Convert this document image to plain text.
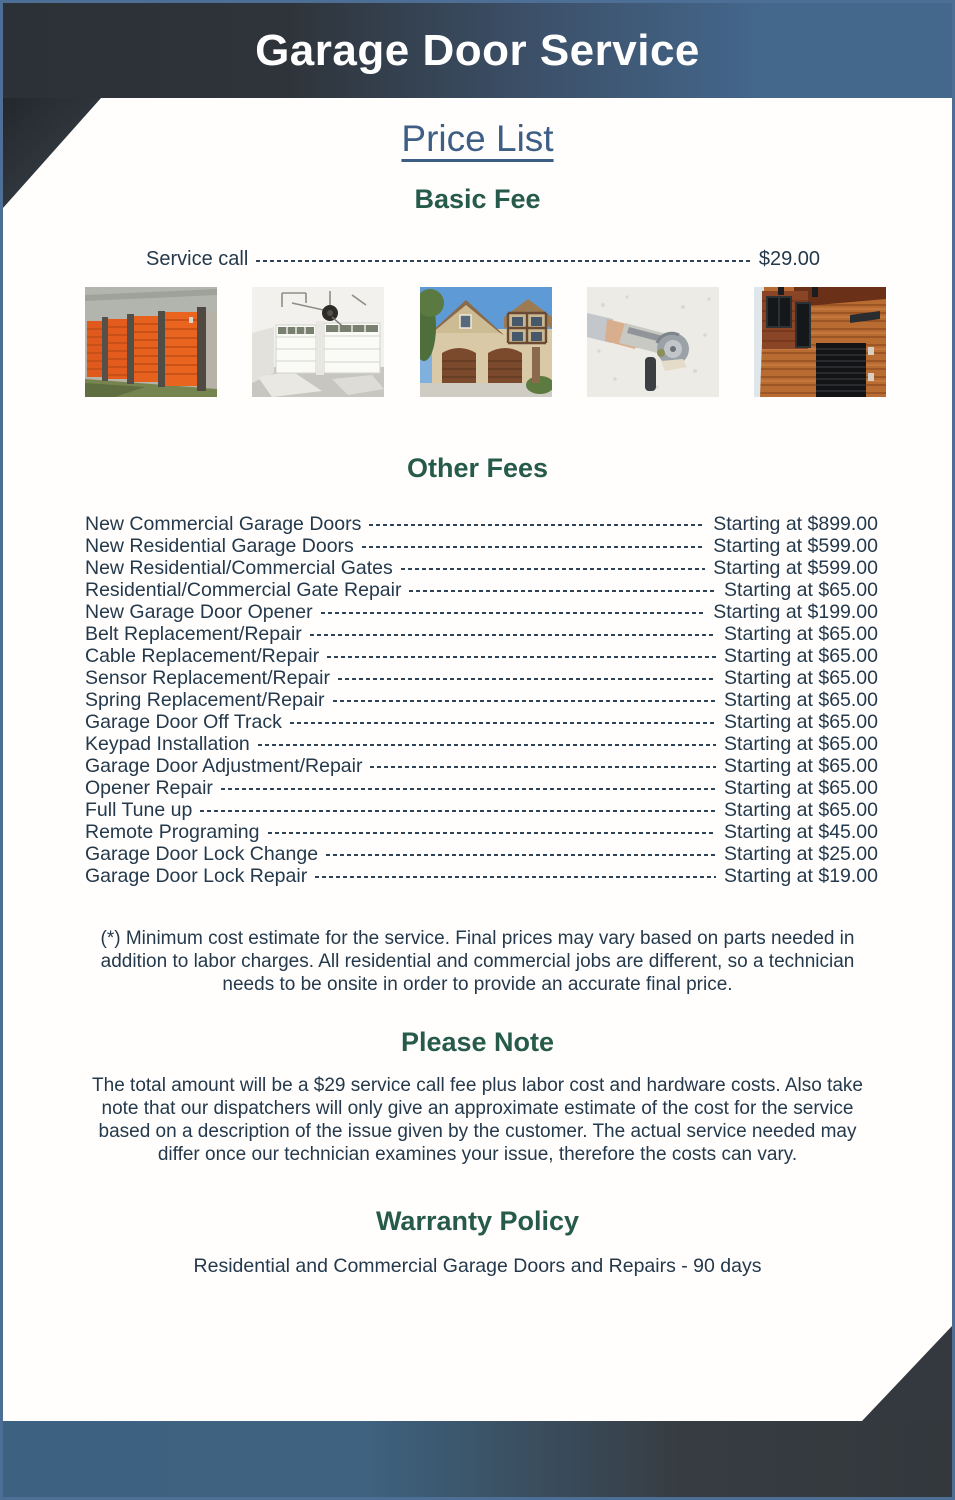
Garage Door Service
Price List
Basic Fee
Service call	$29.00
Other Fees
New Commercial Garage Doors	Starting at $899.00
New Residential Garage Doors	Starting at $599.00
New Residential/Commercial Gates	Starting at $599.00
Residential/Commercial Gate Repair	Starting at $65.00
New Garage Door Opener	Starting at $199.00
Belt Replacement/Repair	Starting at $65.00
Cable Replacement/Repair	Starting at $65.00
Sensor Replacement/Repair	Starting at $65.00
Spring Replacement/Repair	Starting at $65.00
Garage Door Off Track	Starting at $65.00
Keypad Installation	Starting at $65.00
Garage Door Adjustment/Repair	Starting at $65.00
Opener Repair	Starting at $65.00
Full Tune up	Starting at $65.00
Remote Programing	Starting at $45.00
Garage Door Lock Change	Starting at $25.00
Garage Door Lock Repair	Starting at $19.00

(*) Minimum cost estimate for the service. Final prices may vary based on parts needed in addition to labor charges. All residential and commercial jobs are different, so a technician needs to be onsite in order to provide an accurate final price.

Please Note

The total amount will be a $29 service call fee plus labor cost and hardware costs. Also take note that our dispatchers will only give an approximate estimate of the cost for the service based on a description of the issue given by the customer. The actual service needed may differ once our technician examines your issue, therefore the costs can vary.

Warranty Policy

Residential and Commercial Garage Doors and Repairs - 90 days
